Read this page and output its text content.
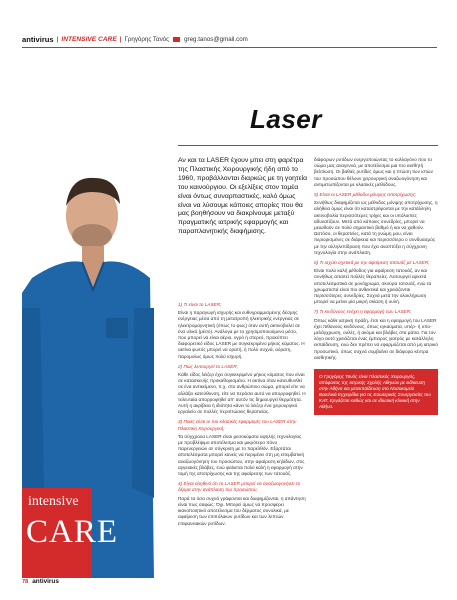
antivirus | INTENSIVE CARE | Γρηγόρης Τανός greg.tanos@gmail.com
Laser
intensive
CARE
Αν και τα LASER έχουν μπει στη φαρέτρα της Πλαστικής Χειρουργικής ήδη από το 1960, προβάλλονται διαρκώς με τη γοητεία του καινούργιου. Οι εξελίξεις στον τομέα είναι όντως συναρπαστικές, καλό όμως είναι να λύσουμε κάποιες απορίες που θα μας βοηθήσουν να διακρίνουμε μεταξύ πραγματικής ιατρικής εφαρμογής και παραπλανητικής διαφήμισης.

1) Τι είναι το LASER;
Είναι η παραγωγή ισχυρής και ευθυγραμμισμένης δέσμης ενέργειας μέσα από τη μετατροπή ηλεκτρικής ενέργειας σε ηλεκτρομαγνητική (όπως το φως) όταν αυτή ακτινοβολεί σε ένα υλικό (μέσο). Ανάλογα με το χρησιμοποιούμενο μέσο, που μπορεί να είναι αέριο, υγρό ή στερεό, προκύπτει διαφορετικό είδος LASER με συγκεκριμένο μήκος κύματος. Η ακτίνα φωτός μπορεί να ορατή, ή πολύ συχνά, αόρατη, παρομοίως όμως πολύ ισχυρή.

2) Πώς λειτουργεί το LASER;
Κάθε είδος λέιζερ έχει συγκεκριμένο μήκος κύματος που είναι σε κατασκευής προκαθορισμένο. Η ακτίνα όταν κατευθυνθεί σε ένα αντικείμενο, π.χ. στο ανθρώπινο σώμα, μπορεί είτε να αλλάξει κατεύθυνση, είτε να περάσει αυτό να απορροφηθεί. Η τελευταία απορροφηθεί απ' αυτόν τις δημιουργεί θερμότητα. Αυτή η ακρίβεια ή ιδιότητα κάνει το λέιζερ ένα χειρουργικό εργαλείο σε πολλές περιπτώσεις θεραπείας.

3) Ποιες είναι οι πιο κλασικές εφαρμογές του LASER στην Πλαστική Χειρουργική;
Τα σύγχρονα LASER είναι μεσοκύματα υψηλής τεχνολογίας με προβλέψιμο αποτέλεσμα και μικρότερο πόνο παρενεργειών σε σύγκριση με το παρελθόν. Εξαρτάται αποτελέσματα μπορεί κανείς να περιμένει στη μη επεμβατική αναζωογόνηση του προσώπου, στην αφαίρεση κηλίδων, στις αγγειακές βλάβες, ενώ φαίνεται πολύ καλή η εφαρμογή στην τομή της αποτρίχωσης και της αφαίρεσης των τατουάζ.

4) Είναι αληθινό ότι το LASER μπορεί να αναζωογονήσει το δέρμα στην ανάπλαση του προσώπου;
Παρά τα όσα συχνά γράφονται και διαφημίζονται, η απάντηση είναι πως σαφώς: Όχι. Μπορεί όμως να προσφέρει ικανοποιητικό αποτέλεσμα του δέρματος συνολικά, με αφαίρεση των επιπόλαιων ρυτίδων και των λεπτών επιφανειακών ρυτίδων.

διάφορων ρυτίδων ενεργοποιώντας το κολλαγόνο που το σώμα μας αναγεννά, με αποτέλεσμα μια πιο αισθητή βελτίωση. Οι βαθιές ρυτίδες όμως και η πτώση των ιστών του προσώπου θέλουν χειρουργική αναζωογόνηση και αντιμετωπίζονται με κλασικές μεθόδους.

5) Είναι οι LASER μέθοδοι μόνιμης αποτρίχωσης;
Συνήθως διαφημίζεται ως μέθοδος μόνιμης αποτρίχωσης, η αλήθεια όμως είναι ότι καταστρέφονται με την κατάλληλη ακτινοβολία περισσότερες τρίχες και οι υπόλοιπες αδυνατίζουν. Μετά από κάποιες συνεδρίες, μπορεί να μειωθούν σε πολύ σημαντικό βαθμό ή και να χαθούν. Ωστόσο, οι θεραπείες, κατά τη γνώμη μου, είναι περιορισμένες σε διάρκεια και περισσότερο ο συνδυασμός με την αλληλεπίδραση που έχει αναπτύξει η σύγχρονη τεχνολογία στην ανάπλαση.

6) Τι ισχύει σχετικά με την αφαίρεση τατουάζ με LASER;
Είναι πολύ καλή μέθοδος για αφαίρεση τατουάζ, αν και συνήθως απαιτεί πολλές θεραπείες. Λειτουργεί αρκετά αποτελεσματικά σε μονόχρωμα, σκούρα τατουάζ, ενώ τα χρωματιστά είναι πιο ανθεκτικά και χρειάζονται περισσότερες συνεδρίες. Συχνά μετά την ολοκλήρωση μπορεί να μείνει μία μικρή σκίαση ή ουλή.

7) Τι κινδύνους ενέχει η εφαρμογή των LASER;
Όπως κάθε ιατρική πράξη, έτσι και η εφαρμογή του LASER έχει πιθανούς κινδύνους, όπως εγκαύματα, υπέρ- ή υπο-μελάγχρωση, ουλές, ή ακόμα και βλάβες στα μάτια. Για τον λόγο αυτό χρειάζεται ένας έμπειρος γιατρός με κατάλληλη εκπαίδευση, ενώ δεν πρέπει να εφαρμόζεται από μη ιατρικό προσωπικό, όπως συχνά συμβαίνει σε διάφορα κέντρα αισθητικής.

Ο Γρηγόρης Τανός είναι Πλαστικός Χειρουργός, απόφοιτος της Ιατρικής Σχολής Αθηνών με ειδίκευση στην Αθήνα και μετεκπαίδευση στο Νοσοκομείο Βασιλικά Εγχειρίδια για τις Εσωτερικές Συνεργασίες του ΚΑΤ. Εργάζεται καθώς και σε ιδιωτική κλινική στην Αθήνα.
78 antivirus
